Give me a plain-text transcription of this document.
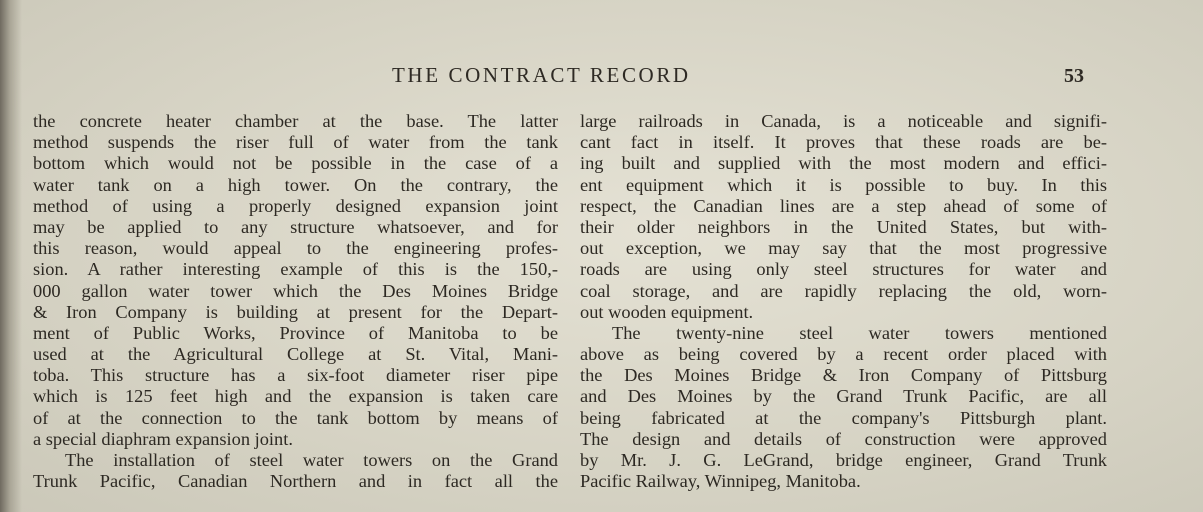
THE CONTRACT RECORD	53
the concrete heater chamber at the base. The latter
method suspends the riser full of water from the tank
bottom which would not be possible in the case of a
water tank on a high tower. On the contrary, the
method of using a properly designed expansion joint
may be applied to any structure whatsoever, and for
this reason, would appeal to the engineering profes-
sion. A rather interesting example of this is the 150,-
000 gallon water tower which the Des Moines Bridge
& Iron Company is building at present for the Depart-
ment of Public Works, Province of Manitoba to be
used at the Agricultural College at St. Vital, Mani-
toba. This structure has a six-foot diameter riser pipe
which is 125 feet high and the expansion is taken care
of at the connection to the tank bottom by means of
a special diaphram expansion joint.
The installation of steel water towers on the Grand
Trunk Pacific, Canadian Northern and in fact all the
large railroads in Canada, is a noticeable and signifi-
cant fact in itself. It proves that these roads are be-
ing built and supplied with the most modern and effici-
ent equipment which it is possible to buy. In this
respect, the Canadian lines are a step ahead of some of
their older neighbors in the United States, but with-
out exception, we may say that the most progressive
roads are using only steel structures for water and
coal storage, and are rapidly replacing the old, worn-
out wooden equipment.
The twenty-nine steel water towers mentioned
above as being covered by a recent order placed with
the Des Moines Bridge & Iron Company of Pittsburg
and Des Moines by the Grand Trunk Pacific, are all
being fabricated at the company's Pittsburgh plant.
The design and details of construction were approved
by Mr. J. G. LeGrand, bridge engineer, Grand Trunk
Pacific Railway, Winnipeg, Manitoba.
